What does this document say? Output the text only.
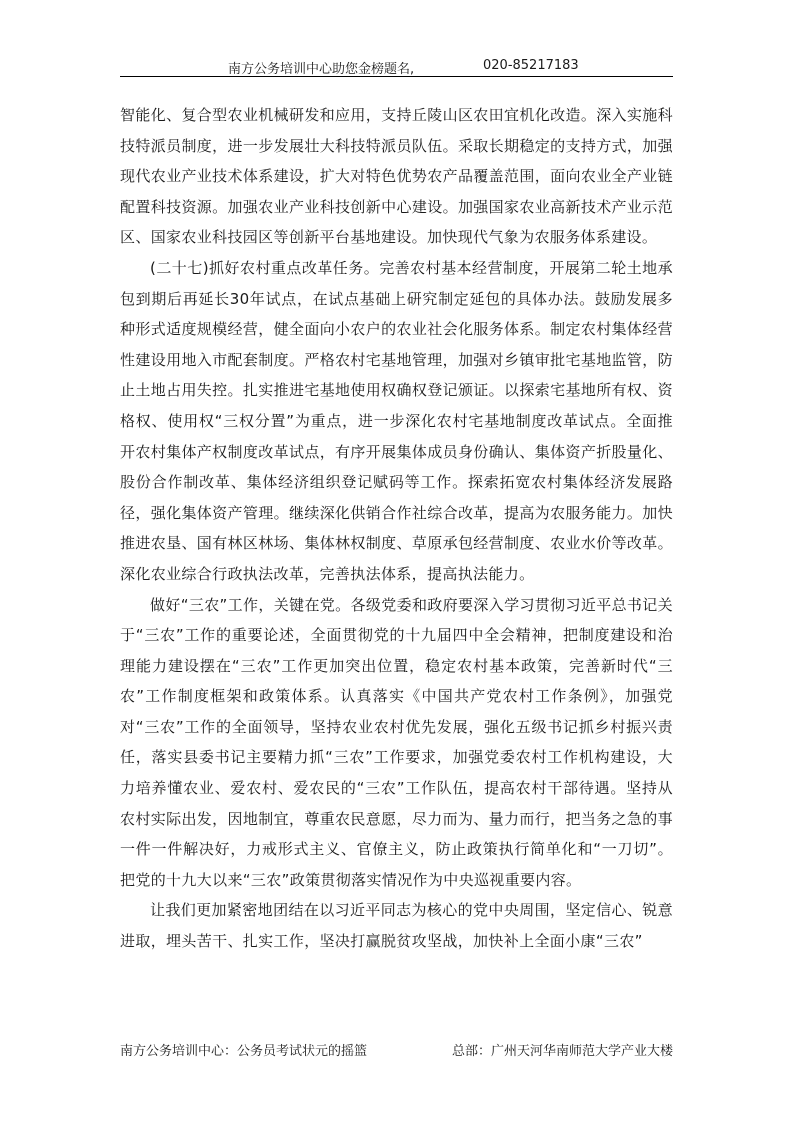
南方公务培训中心助您金榜题名,	020-85217183

智能化、复合型农业机械研发和应用，支持丘陵山区农田宜机化改造。深入实施科技特派员制度，进一步发展壮大科技特派员队伍。采取长期稳定的支持方式，加强现代农业产业技术体系建设，扩大对特色优势农产品覆盖范围，面向农业全产业链配置科技资源。加强农业产业科技创新中心建设。加强国家农业高新技术产业示范区、国家农业科技园区等创新平台基地建设。加快现代气象为农服务体系建设。

(二十七)抓好农村重点改革任务。完善农村基本经营制度，开展第二轮土地承包到期后再延长30年试点，在试点基础上研究制定延包的具体办法。鼓励发展多种形式适度规模经营，健全面向小农户的农业社会化服务体系。制定农村集体经营性建设用地入市配套制度。严格农村宅基地管理，加强对乡镇审批宅基地监管，防止土地占用失控。扎实推进宅基地使用权确权登记颁证。以探索宅基地所有权、资格权、使用权“三权分置”为重点，进一步深化农村宅基地制度改革试点。全面推开农村集体产权制度改革试点，有序开展集体成员身份确认、集体资产折股量化、股份合作制改革、集体经济组织登记赋码等工作。探索拓宽农村集体经济发展路径，强化集体资产管理。继续深化供销合作社综合改革，提高为农服务能力。加快推进农垦、国有林区林场、集体林权制度、草原承包经营制度、农业水价等改革。深化农业综合行政执法改革，完善执法体系，提高执法能力。

做好“三农”工作，关键在党。各级党委和政府要深入学习贯彻习近平总书记关于“三农”工作的重要论述，全面贯彻党的十九届四中全会精神，把制度建设和治理能力建设摆在“三农”工作更加突出位置，稳定农村基本政策，完善新时代“三农”工作制度框架和政策体系。认真落实《中国共产党农村工作条例》，加强党对“三农”工作的全面领导，坚持农业农村优先发展，强化五级书记抓乡村振兴责任，落实县委书记主要精力抓“三农”工作要求，加强党委农村工作机构建设，大力培养懂农业、爱农村、爱农民的“三农”工作队伍，提高农村干部待遇。坚持从农村实际出发，因地制宜，尊重农民意愿，尽力而为、量力而行，把当务之急的事一件一件解决好，力戒形式主义、官僚主义，防止政策执行简单化和“一刀切”。把党的十九大以来“三农”政策贯彻落实情况作为中央巡视重要内容。

让我们更加紧密地团结在以习近平同志为核心的党中央周围，坚定信心、锐意进取，埋头苦干、扎实工作，坚决打赢脱贫攻坚战，加快补上全面小康“三农”

南方公务培训中心：公务员考试状元的摇篮	总部：广州天河华南师范大学产业大楼
